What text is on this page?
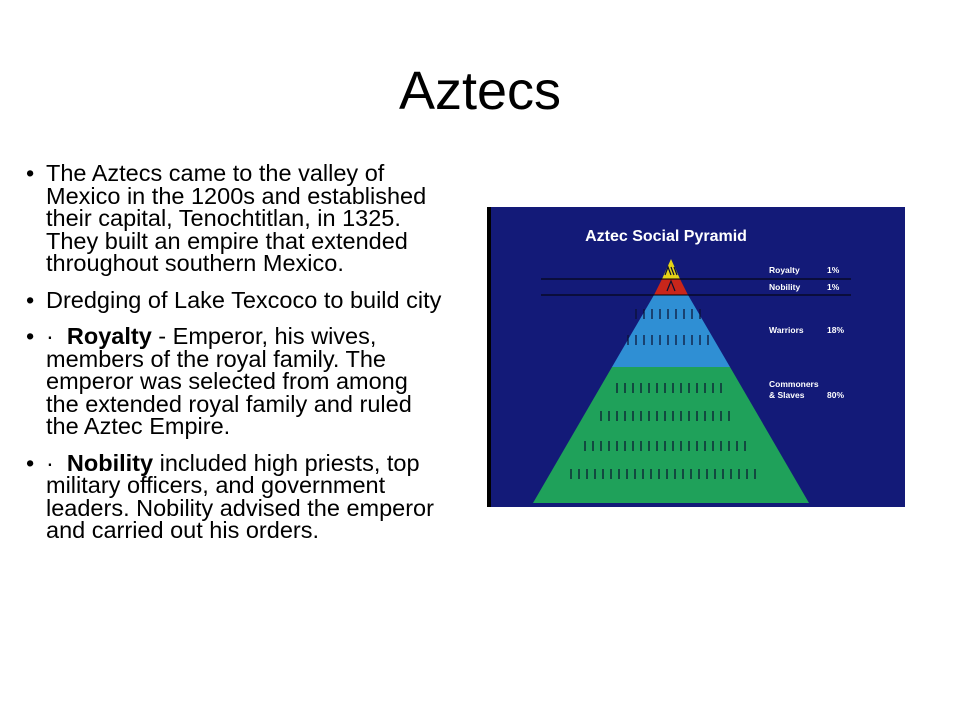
Aztecs
• The Aztecs came to the valley of Mexico in the 1200s and established their capital, Tenochtitlan, in 1325. They built an empire that extended throughout southern Mexico.
• Dredging of Lake Texcoco to build city
• ·  Royalty - Emperor, his wives, members of the royal family. The emperor was selected from among the extended royal family and ruled the Aztec Empire.
• ·  Nobility included high priests, top military officers, and government leaders. Nobility advised the emperor and carried out his orders.
Aztec Social Pyramid
Royalty	1%
Nobility	1%
Warriors	18%
Commoners & Slaves	80%
